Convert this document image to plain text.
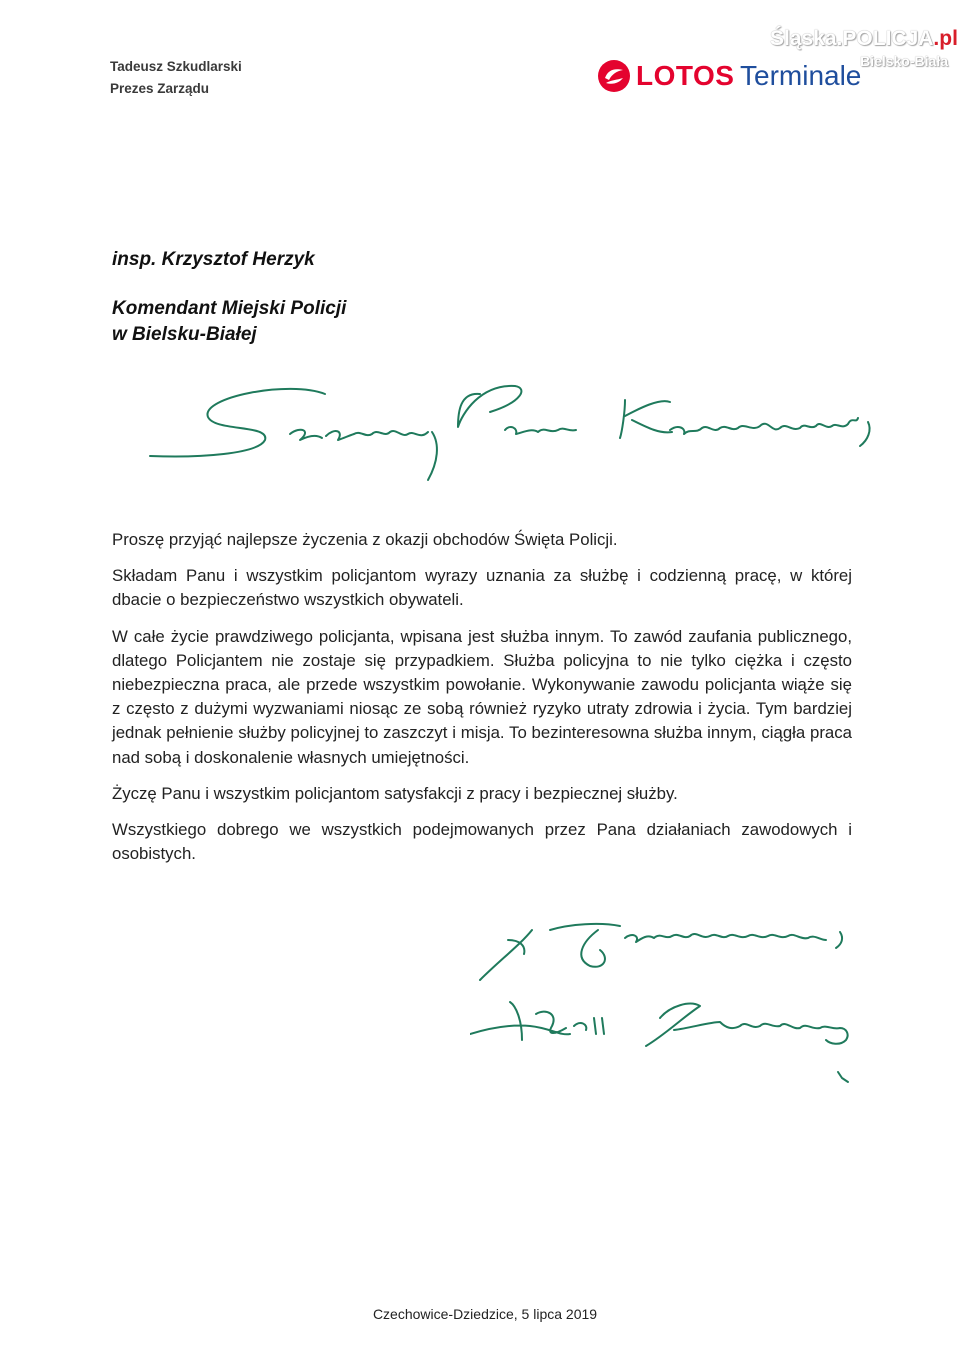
Tadeusz Szkudlarski
Prezes Zarządu	LOTOS Terminale
Śląska.POLICJA.pl
Bielsko-Biała
insp. Krzysztof Herzyk
Komendant Miejski Policji
w Bielsku-Białej

Proszę przyjąć najlepsze życzenia z okazji obchodów Święta Policji.

Składam Panu i wszystkim policjantom wyrazy uznania za służbę i codzienną pracę, w której dbacie o bezpieczeństwo wszystkich obywateli.

W całe życie prawdziwego policjanta, wpisana jest służba innym. To zawód zaufania publicznego, dlatego Policjantem nie zostaje się przypadkiem. Służba policyjna to nie tylko ciężka i często niebezpieczna praca, ale przede wszystkim powołanie. Wykonywanie zawodu policjanta wiąże się z często z dużymi wyzwaniami niosąc ze sobą również ryzyko utraty zdrowia i życia. Tym bardziej jednak pełnienie służby policyjnej to zaszczyt i misja. To bezinteresowna służba innym, ciągła praca nad sobą i doskonalenie własnych umiejętności.

Życzę Panu i wszystkim policjantom satysfakcji z pracy i bezpiecznej służby.

Wszystkiego dobrego we wszystkich podejmowanych przez Pana działaniach zawodowych i osobistych.

Czechowice-Dziedzice, 5 lipca 2019
